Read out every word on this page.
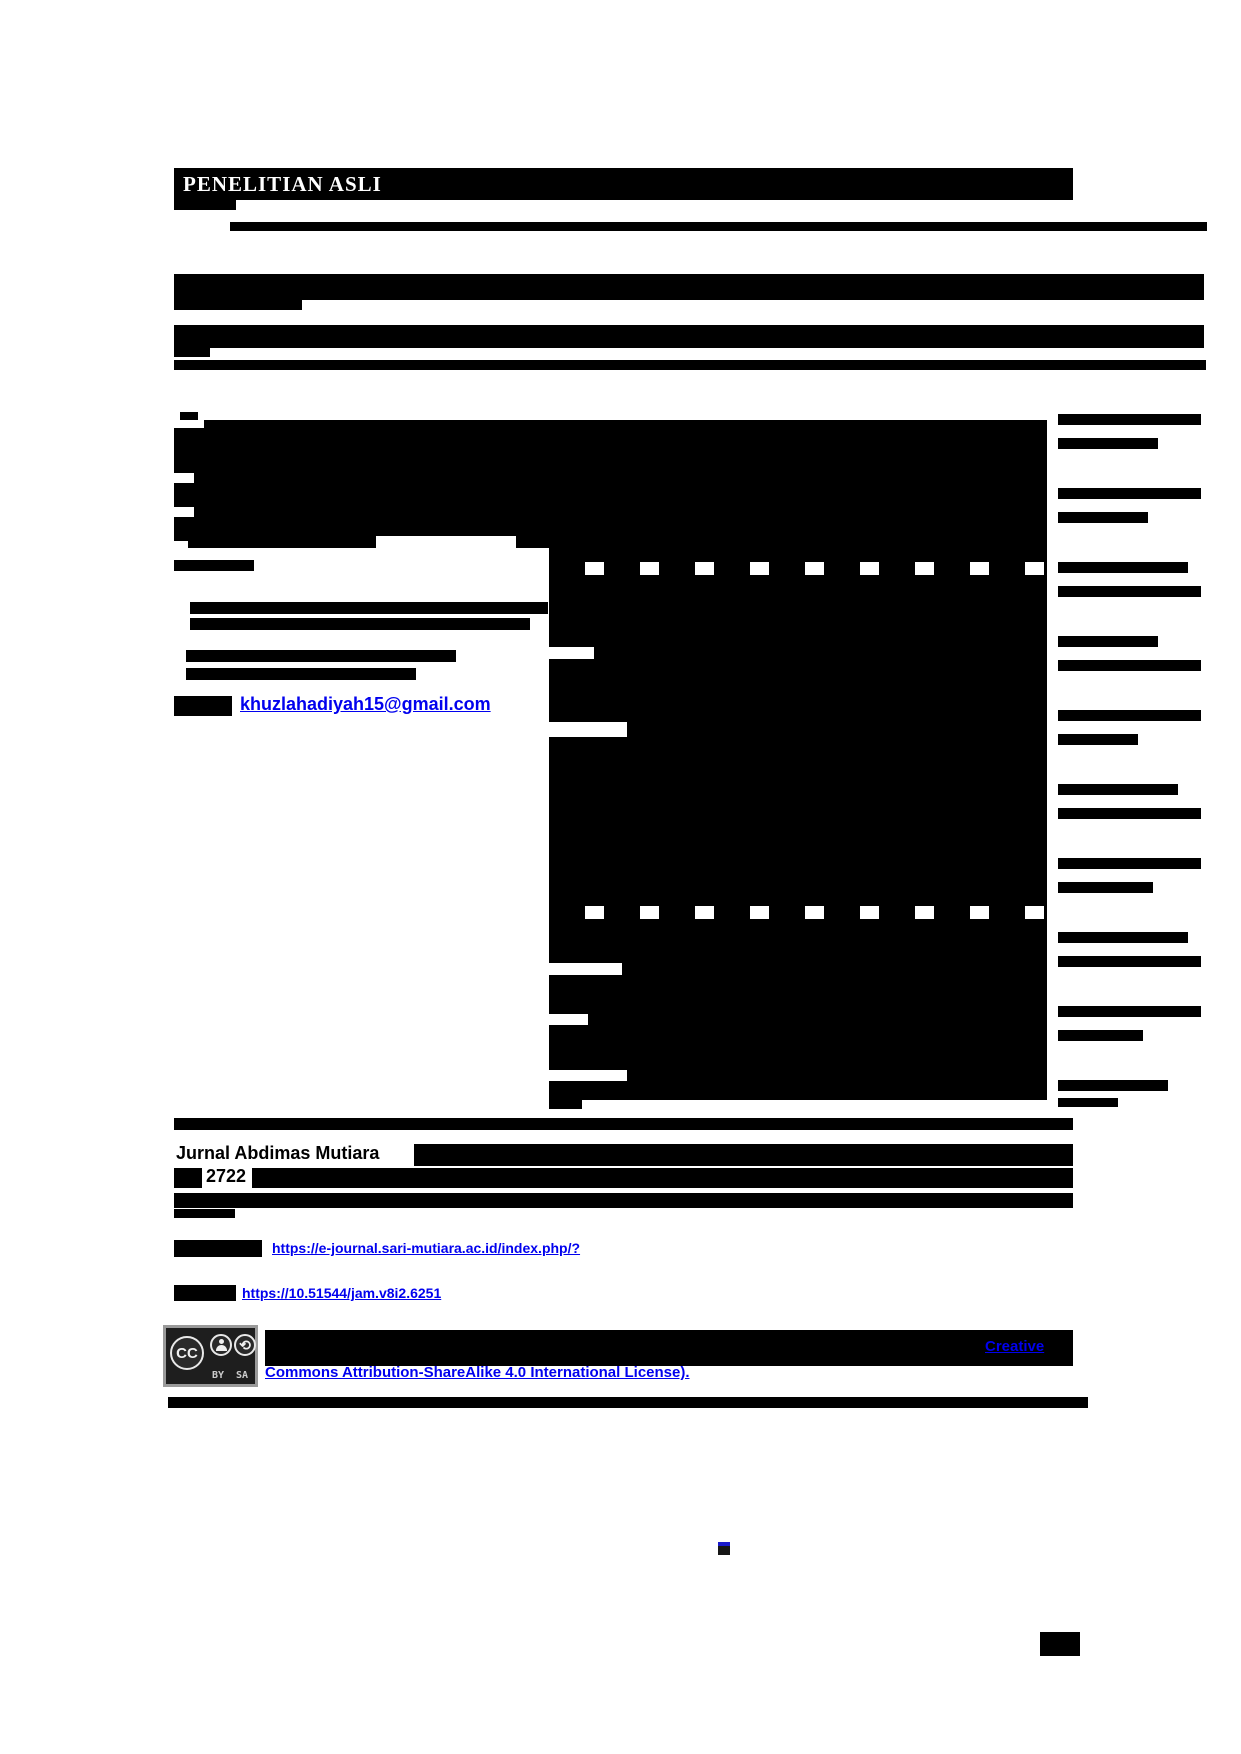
PENELITIAN ASLI
khuzlahadiyah15@gmail.com
Jurnal Abdimas Mutiara
2722
https://e-journal.sari-mutiara.ac.id/index.php/?
https://10.51544/jam.v8i2.6251
Creative
Commons Attribution-ShareAlike 4.0 International License).
CC	⟲
BY SA
